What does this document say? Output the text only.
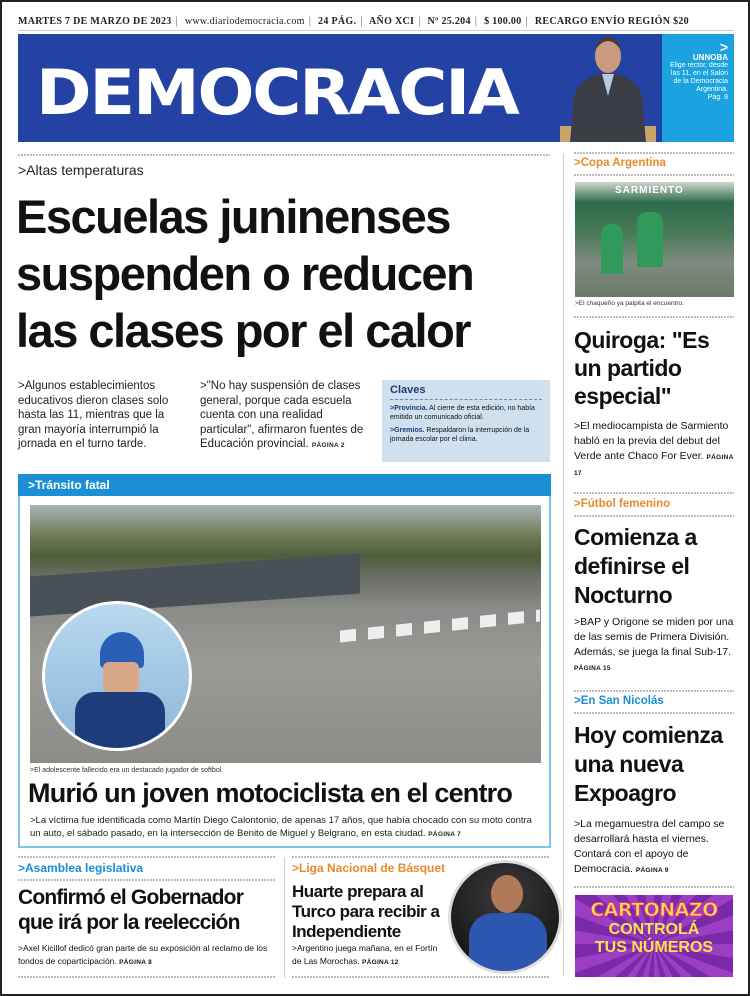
MARTES 7 DE MARZO DE 2023 | www.diariodemocracia.com | 24 PÁG. | AÑO XCI | Nº 25.204 | $ 100.00 | RECARGO ENVÍO REGIÓN $20
DEMOCRACIA
>
UNNOBA
Elige rector, desde las 11, en el Salón de la Democracia Argentina.
Pág. 8
>Altas temperaturas
Escuelas juninenses
suspenden o reducen
las clases por el calor
>Algunos establecimientos educativos dieron clases solo hasta las 11, mientras que la gran mayoría interrumpió la jornada en el turno tarde.
>"No hay suspensión de clases general, porque cada escuela cuenta con una realidad particular", afirmaron fuentes de Educación provincial. PÁGINA 2
Claves
>Provincia. Al cierre de esta edición, no había emitido un comunicado oficial.
>Gremios. Respaldaron la interrupción de la jornada escolar por el clima.
>Tránsito fatal
>El adolescente fallecido era un destacado jugador de softbol.
Murió un joven motociclista en el centro
>La víctima fue identificada como Martín Diego Calontonio, de apenas 17 años, que había chocado con su moto contra un auto, el sábado pasado, en la intersección de Benito de Miguel y Belgrano, en esta ciudad. PÁGINA 7
>Asamblea legislativa
Confirmó el Gobernador que irá por la reelección
>Axel Kicillof dedicó gran parte de su exposición al reclamo de los fondos de coparticipación. PÁGINA 8
>Liga Nacional de Básquet
Huarte prepara al Turco para recibir a Independiente
>Argentino juega mañana, en el Fortín de Las Morochas. PÁGINA 12
>Copa Argentina
SARMIENTO
>El chaqueño ya palpita el encuentro.
Quiroga: "Es un partido especial"
>El mediocampista de Sarmiento habló en la previa del debut del Verde ante Chaco For Ever. PÁGINA 17
>Fútbol femenino
Comienza a definirse el Nocturno
>BAP y Origone se miden por una de las semis de Primera División. Además, se juega la final Sub-17. PÁGINA 15
>En San Nicolás
Hoy comienza una nueva Expoagro
>La megamuestra del campo se desarrollará hasta el viernes. Contará con el apoyo de Democracia. PÁGINA 9
CARTONAZO
CONTROLÁ
TUS NÚMEROS
